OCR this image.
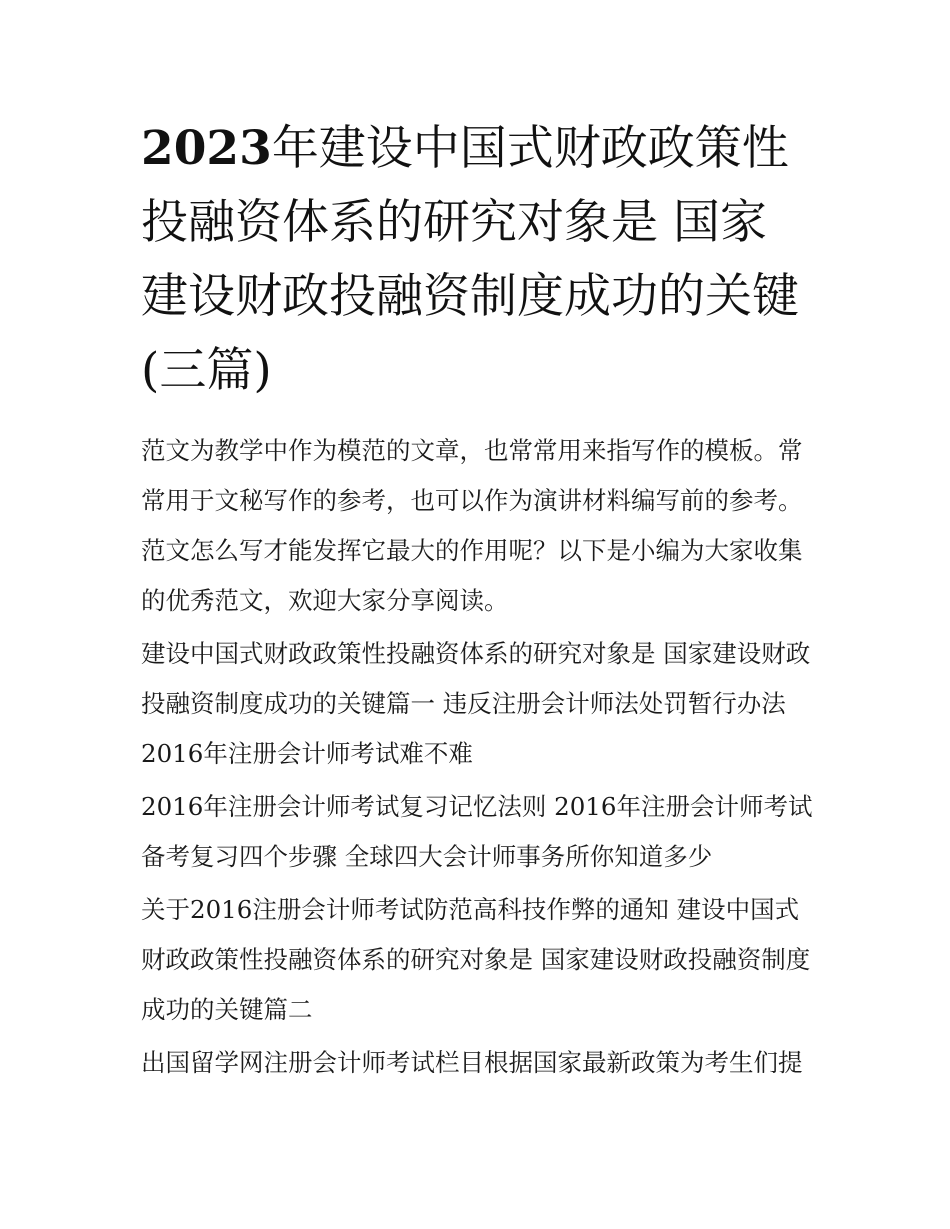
2023年建设中国式财政政策性投融资体系的研究对象是 国家建设财政投融资制度成功的关键(三篇)

范文为教学中作为模范的文章，也常常用来指写作的模板。常常用于文秘写作的参考，也可以作为演讲材料编写前的参考。范文怎么写才能发挥它最大的作用呢？以下是小编为大家收集的优秀范文，欢迎大家分享阅读。

建设中国式财政政策性投融资体系的研究对象是 国家建设财政投融资制度成功的关键篇一 违反注册会计师法处罚暂行办法 2016年注册会计师考试难不难

2016年注册会计师考试复习记忆法则 2016年注册会计师考试备考复习四个步骤 全球四大会计师事务所你知道多少

关于2016注册会计师考试防范高科技作弊的通知 建设中国式财政政策性投融资体系的研究对象是 国家建设财政投融资制度成功的关键篇二

出国留学网注册会计师考试栏目根据国家最新政策为考生们提
